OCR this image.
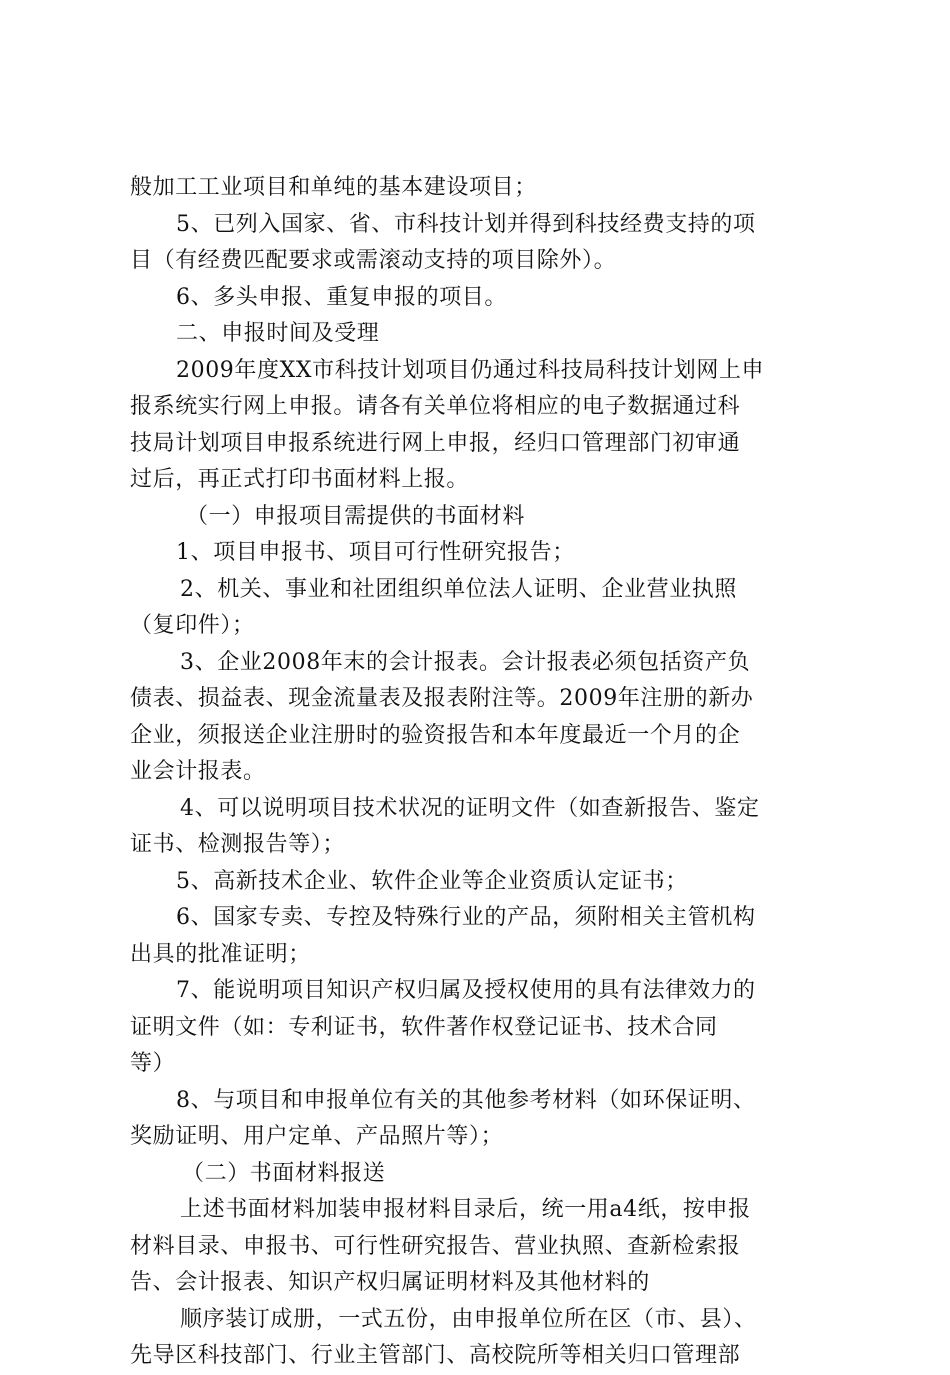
般加工工业项目和单纯的基本建设项目；
5、已列入国家、省、市科技计划并得到科技经费支持的项
目（有经费匹配要求或需滚动支持的项目除外）。
6、多头申报、重复申报的项目。
二、申报时间及受理
2009年度XX市科技计划项目仍通过科技局科技计划网上申
报系统实行网上申报。请各有关单位将相应的电子数据通过科
技局计划项目申报系统进行网上申报，经归口管理部门初审通
过后，再正式打印书面材料上报。
（一）申报项目需提供的书面材料
1、项目申报书、项目可行性研究报告；
2、机关、事业和社团组织单位法人证明、企业营业执照
（复印件）；
3、企业2008年末的会计报表。会计报表必须包括资产负
债表、损益表、现金流量表及报表附注等。2009年注册的新办
企业，须报送企业注册时的验资报告和本年度最近一个月的企
业会计报表。
4、可以说明项目技术状况的证明文件（如查新报告、鉴定
证书、检测报告等）；
5、高新技术企业、软件企业等企业资质认定证书；
6、国家专卖、专控及特殊行业的产品，须附相关主管机构
出具的批准证明；
7、能说明项目知识产权归属及授权使用的具有法律效力的
证明文件（如：专利证书，软件著作权登记证书、技术合同
等）
8、与项目和申报单位有关的其他参考材料（如环保证明、
奖励证明、用户定单、产品照片等）；
（二）书面材料报送
上述书面材料加装申报材料目录后，统一用a4纸，按申报
材料目录、申报书、可行性研究报告、营业执照、查新检索报
告、会计报表、知识产权归属证明材料及其他材料的
顺序装订成册，一式五份，由申报单位所在区（市、县）、
先导区科技部门、行业主管部门、高校院所等相关归口管理部
